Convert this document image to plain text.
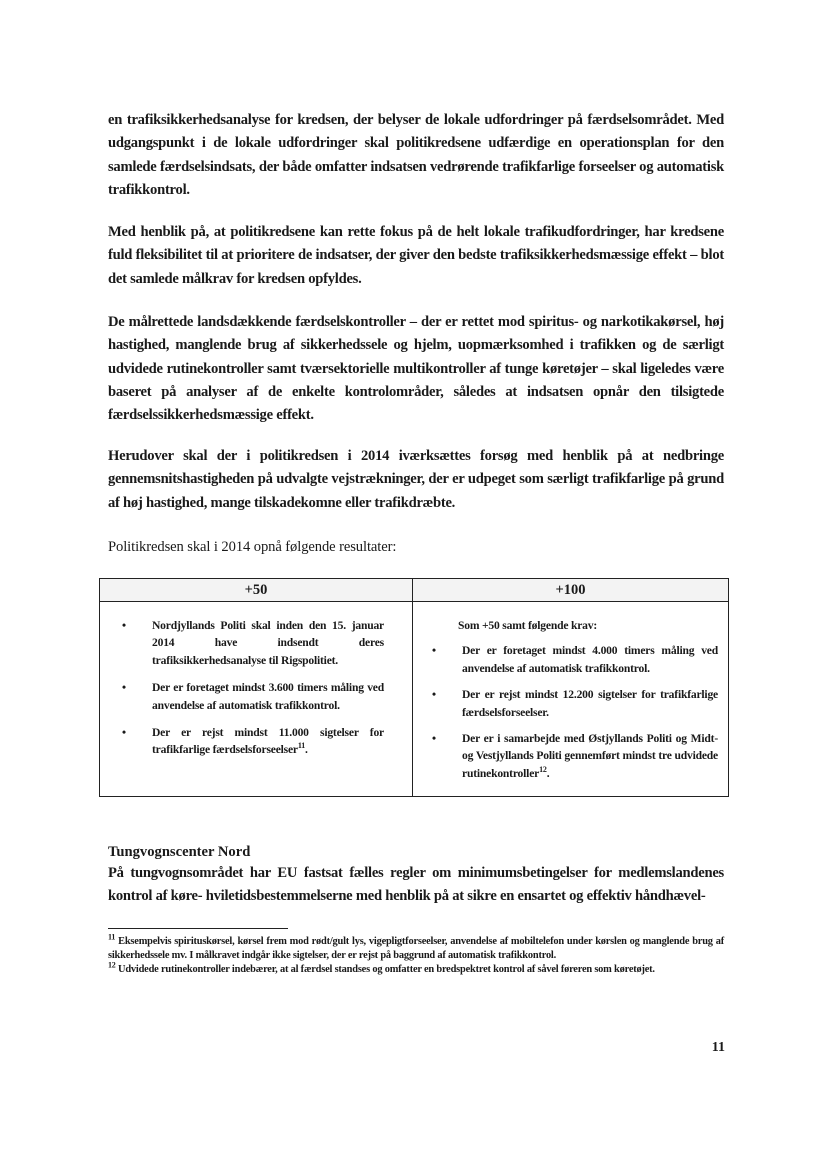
en trafiksikkerhedsanalyse for kredsen, der belyser de lokale udfordringer på færdselsområdet. Med udgangspunkt i de lokale udfordringer skal politikredsene udfærdige en operationsplan for den samlede færdselsindsats, der både omfatter indsatsen vedrørende trafikfarlige forseelser og automatisk trafikkontrol.

Med henblik på, at politikredsene kan rette fokus på de helt lokale trafikudfordringer, har kredsene fuld fleksibilitet til at prioritere de indsatser, der giver den bedste trafiksikkerhedsmæssige effekt – blot det samlede målkrav for kredsen opfyldes.

De målrettede landsdækkende færdselskontroller – der er rettet mod spiritus- og narkotikakørsel, høj hastighed, manglende brug af sikkerhedssele og hjelm, uopmærksomhed i trafikken og de særligt udvidede rutinekontroller samt tværsektorielle multikontroller af tunge køretøjer – skal ligeledes være baseret på analyser af de enkelte kontrolområder, således at indsatsen opnår den tilsigtede færdselssikkerhedsmæssige effekt.

Herudover skal der i politikredsen i 2014 iværksættes forsøg med henblik på at nedbringe gennemsnitshastigheden på udvalgte vejstrækninger, der er udpeget som særligt trafikfarlige på grund af høj hastighed, mange tilskadekomne eller trafikdræbte.

Politikredsen skal i 2014 opnå følgende resultater:

+50	+100
• Nordjyllands Politi skal inden den 15. januar 2014 have indsendt deres trafiksikkerhedsanalyse til Rigspolitiet.
• Der er foretaget mindst 3.600 timers måling ved anvendelse af automatisk trafikkontrol.
• Der er rejst mindst 11.000 sigtelser for trafikfarlige færdselsforseelser$^{11}$.
Som +50 samt følgende krav:
• Der er foretaget mindst 4.000 timers måling ved anvendelse af automatisk trafikkontrol.
• Der er rejst mindst 12.200 sigtelser for trafikfarlige færdselsforseelser.
• Der er i samarbejde med Østjyllands Politi og Midt- og Vestjyllands Politi gennemført mindst tre udvidede rutinekontroller$^{12}$.
Tungvognscenter Nord

På tungvognsområdet har EU fastsat fælles regler om minimumsbetingelser for medlemslandenes kontrol af køre- hviletidsbestemmelserne med henblik på at sikre en ensartet og effektiv håndhævel-

$^{11}$ Eksempelvis spirituskørsel, kørsel frem mod rødt/gult lys, vigepligtforseelser, anvendelse af mobiltelefon under kørslen og manglende brug af sikkerhedssele mv. I målkravet indgår ikke sigtelser, der er rejst på baggrund af automatisk trafikkontrol.

$^{12}$ Udvidede rutinekontroller indebærer, at al færdsel standses og omfatter en bredspektret kontrol af såvel føreren som køretøjet.

11
